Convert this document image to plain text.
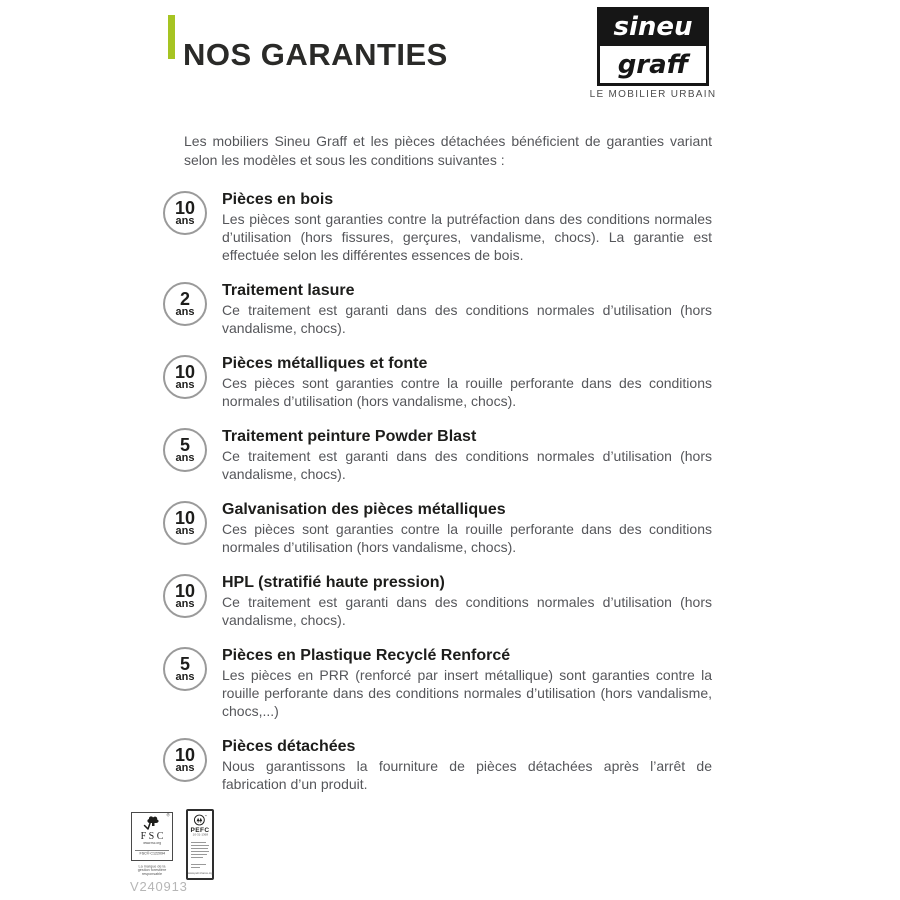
NOS GARANTIES
sineu
graff
LE MOBILIER URBAIN

Les mobiliers Sineu Graff et les pièces détachées bénéficient de garanties variant selon les modèles et sous les conditions suivantes :

10
ans
Pièces en bois
Les pièces sont garanties contre la putréfaction dans des conditions normales d’utilisation (hors fissures, gerçures, vandalisme, chocs). La garantie est effectuée selon les différentes essences de bois.
2
ans
Traitement lasure
Ce traitement est garanti dans des conditions normales d’utilisation (hors vandalisme, chocs).
10
ans
Pièces métalliques et fonte
Ces pièces sont garanties contre la rouille perforante dans des conditions normales d’utilisation (hors vandalisme, chocs).
5
ans
Traitement peinture Powder Blast
Ce traitement est garanti dans des conditions normales d’utilisation (hors vandalisme, chocs).
10
ans
Galvanisation des pièces métalliques
Ces pièces sont garanties contre la rouille perforante dans des conditions normales d’utilisation (hors vandalisme, chocs).
10
ans
HPL (stratifié haute pression)
Ce traitement est garanti dans des conditions normales d’utilisation (hors vandalisme, chocs).
5
ans
Pièces en Plastique Recyclé Renforcé
Les pièces en PRR (renforcé par insert métallique) sont garanties contre la rouille perforante dans des conditions normales d’utilisation (hors vandalisme, chocs,...)
10
ans
Pièces détachées
Nous garantissons la fourniture de pièces détachées après l’arrêt de fabrication d’un produit.
®
FSC
www.fsc.org
FSC® C122094
La marque de la gestion forestière responsable
™
PEFC
10-31-1368
www.pefc-france.org
V240913
